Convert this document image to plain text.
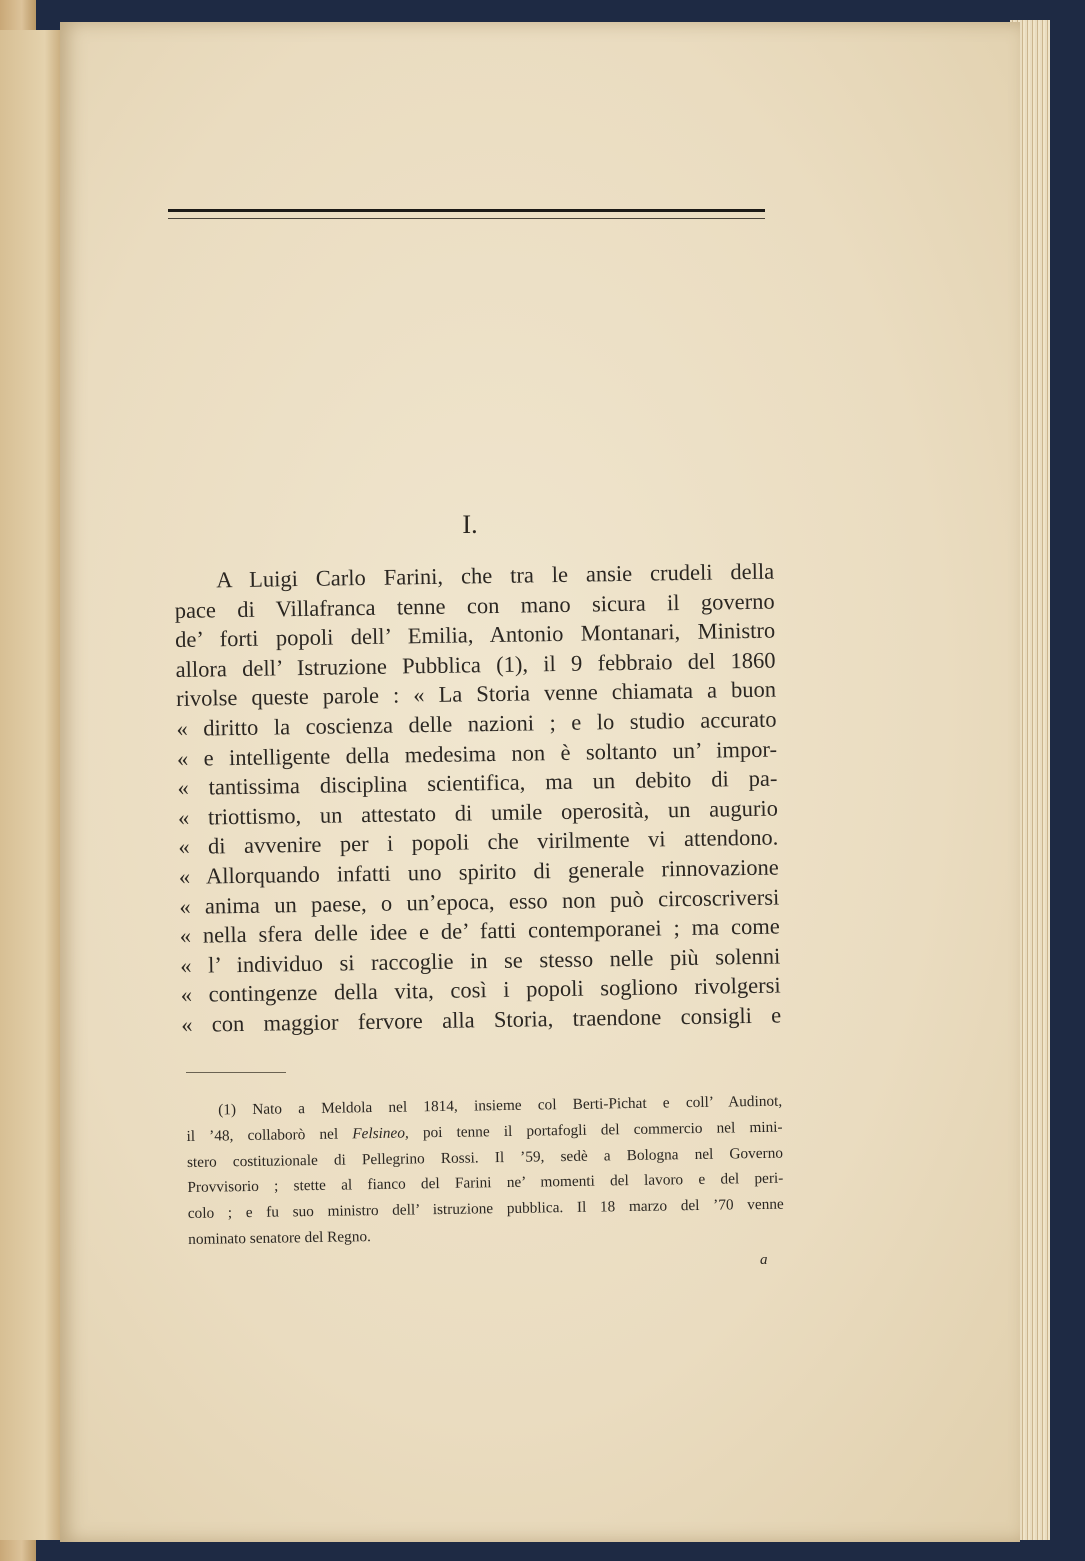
I.
A Luigi Carlo Farini, che tra le ansie crudeli della
pace di Villafranca tenne con mano sicura il governo
de’ forti popoli dell’ Emilia, Antonio Montanari, Ministro
allora dell’ Istruzione Pubblica (1), il 9 febbraio del 1860
rivolse queste parole : « La Storia venne chiamata a buon
« diritto la coscienza delle nazioni ; e lo studio accurato
« e intelligente della medesima non è soltanto un’ impor-
« tantissima disciplina scientifica, ma un debito di pa-
« triottismo, un attestato di umile operosità, un augurio
« di avvenire per i popoli che virilmente vi attendono.
« Allorquando infatti uno spirito di generale rinnovazione
« anima un paese, o un’epoca, esso non può circoscriversi
« nella sfera delle idee e de’ fatti contemporanei ; ma come
« l’ individuo si raccoglie in se stesso nelle più solenni
« contingenze della vita, così i popoli sogliono rivolgersi
« con maggior fervore alla Storia, traendone consigli e
(1) Nato a Meldola nel 1814, insieme col Berti-Pichat e coll’ Audinot,
il ’48, collaborò nel Felsineo, poi tenne il portafogli del commercio nel mini-
stero costituzionale di Pellegrino Rossi. Il ’59, sedè a Bologna nel Governo
Provvisorio ; stette al fianco del Farini ne’ momenti del lavoro e del peri-
colo ; e fu suo ministro dell’ istruzione pubblica. Il 18 marzo del ’70 venne
nominato senatore del Regno.
a
